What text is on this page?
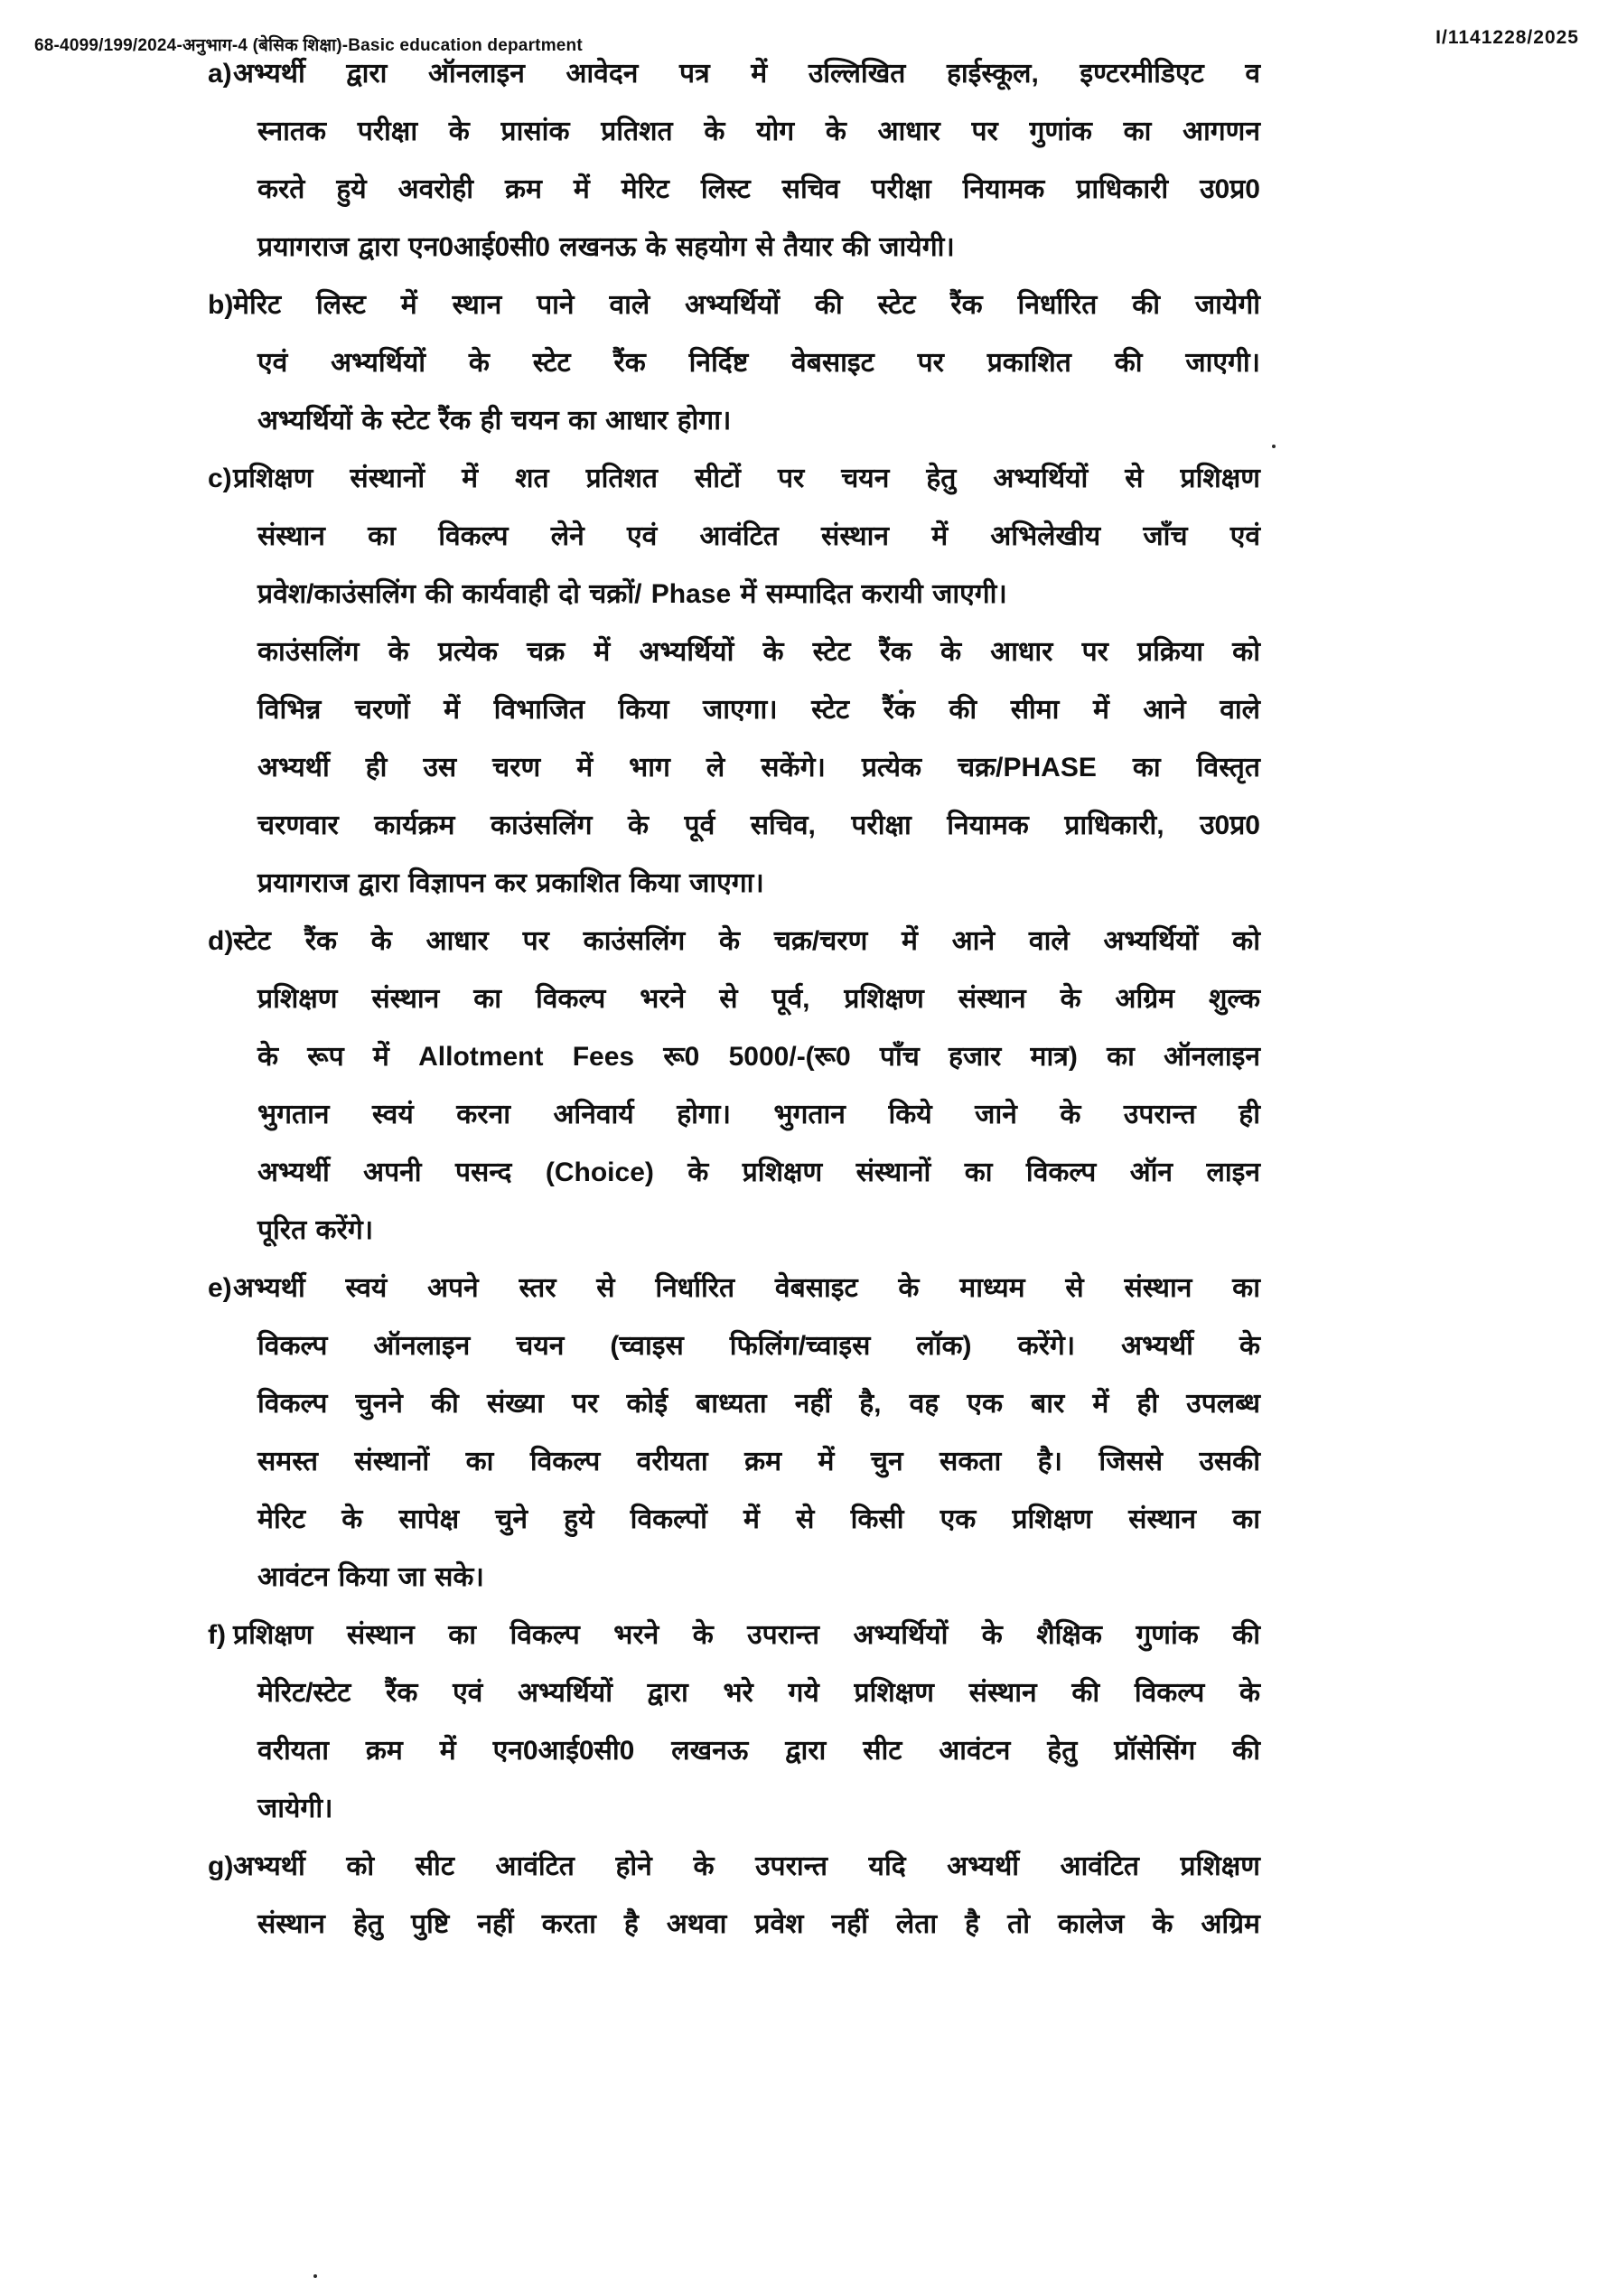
68-4099/199/2024-अनुभाग-4 (बेसिक शिक्षा)-Basic education department	I/1141228/2025
a) अभ्यर्थी द्वारा ऑनलाइन आवेदन पत्र में उल्लिखित हाईस्कूल, इण्टरमीडिएट व
स्नातक परीक्षा के प्रासांक प्रतिशत के योग के आधार पर गुणांक का आगणन
करते हुये अवरोही क्रम में मेरिट लिस्ट सचिव परीक्षा नियामक प्राधिकारी उ0प्र0
प्रयागराज द्वारा एन0आई0सी0 लखनऊ के सहयोग से तैयार की जायेगी।
b) मेरिट लिस्ट में स्थान पाने वाले अभ्यर्थियों की स्टेट रैंक निर्धारित की जायेगी
एवं अभ्यर्थियों के स्टेट रैंक निर्दिष्ट वेबसाइट पर प्रकाशित की जाएगी।
अभ्यर्थियों के स्टेट रैंक ही चयन का आधार होगा।
c) प्रशिक्षण संस्थानों में शत प्रतिशत सीटों पर चयन हेतु अभ्यर्थियों से प्रशिक्षण
संस्थान का विकल्प लेने एवं आवंटित संस्थान में अभिलेखीय जाँच एवं
प्रवेश/काउंसलिंग की कार्यवाही दो चक्रों/ Phase में सम्पादित करायी जाएगी।
काउंसलिंग के प्रत्येक चक्र में अभ्यर्थियों के स्टेट रैंक के आधार पर प्रक्रिया को
विभिन्न चरणों में विभाजित किया जाएगा। स्टेट रैंक की सीमा में आने वाले
अभ्यर्थी ही उस चरण में भाग ले सकेंगे। प्रत्येक चक्र/PHASE का विस्तृत
चरणवार कार्यक्रम काउंसलिंग के पूर्व सचिव, परीक्षा नियामक प्राधिकारी, उ0प्र0
प्रयागराज द्वारा विज्ञापन कर प्रकाशित किया जाएगा।
d) स्टेट रैंक के आधार पर काउंसलिंग के चक्र/चरण में आने वाले अभ्यर्थियों को
प्रशिक्षण संस्थान का विकल्प भरने से पूर्व, प्रशिक्षण संस्थान के अग्रिम शुल्क
के रूप में Allotment Fees रू0 5000/-(रू0 पाँच हजार मात्र) का ऑनलाइन
भुगतान स्वयं करना अनिवार्य होगा। भुगतान किये जाने के उपरान्त ही
अभ्यर्थी अपनी पसन्द (Choice) के प्रशिक्षण संस्थानों का विकल्प ऑन लाइन
पूरित करेंगे।
e) अभ्यर्थी स्वयं अपने स्तर से निर्धारित वेबसाइट के माध्यम से संस्थान का
विकल्प ऑनलाइन चयन (च्वाइस फिलिंग/च्वाइस लॉक) करेंगे। अभ्यर्थी के
विकल्प चुनने की संख्या पर कोई बाध्यता नहीं है, वह एक बार में ही उपलब्ध
समस्त संस्थानों का विकल्प वरीयता क्रम में चुन सकता है। जिससे उसकी
मेरिट के सापेक्ष चुने हुये विकल्पों में से किसी एक प्रशिक्षण संस्थान का
आवंटन किया जा सके।
f) प्रशिक्षण संस्थान का विकल्प भरने के उपरान्त अभ्यर्थियों के शैक्षिक गुणांक की
मेरिट/स्टेट रैंक एवं अभ्यर्थियों द्वारा भरे गये प्रशिक्षण संस्थान की विकल्प के
वरीयता क्रम में एन0आई0सी0 लखनऊ द्वारा सीट आवंटन हेतु प्रॉसेसिंग की
जायेगी।
g) अभ्यर्थी को सीट आवंटित होने के उपरान्त यदि अभ्यर्थी आवंटित प्रशिक्षण
संस्थान हेतु पुष्टि नहीं करता है अथवा प्रवेश नहीं लेता है तो कालेज के अग्रिम
